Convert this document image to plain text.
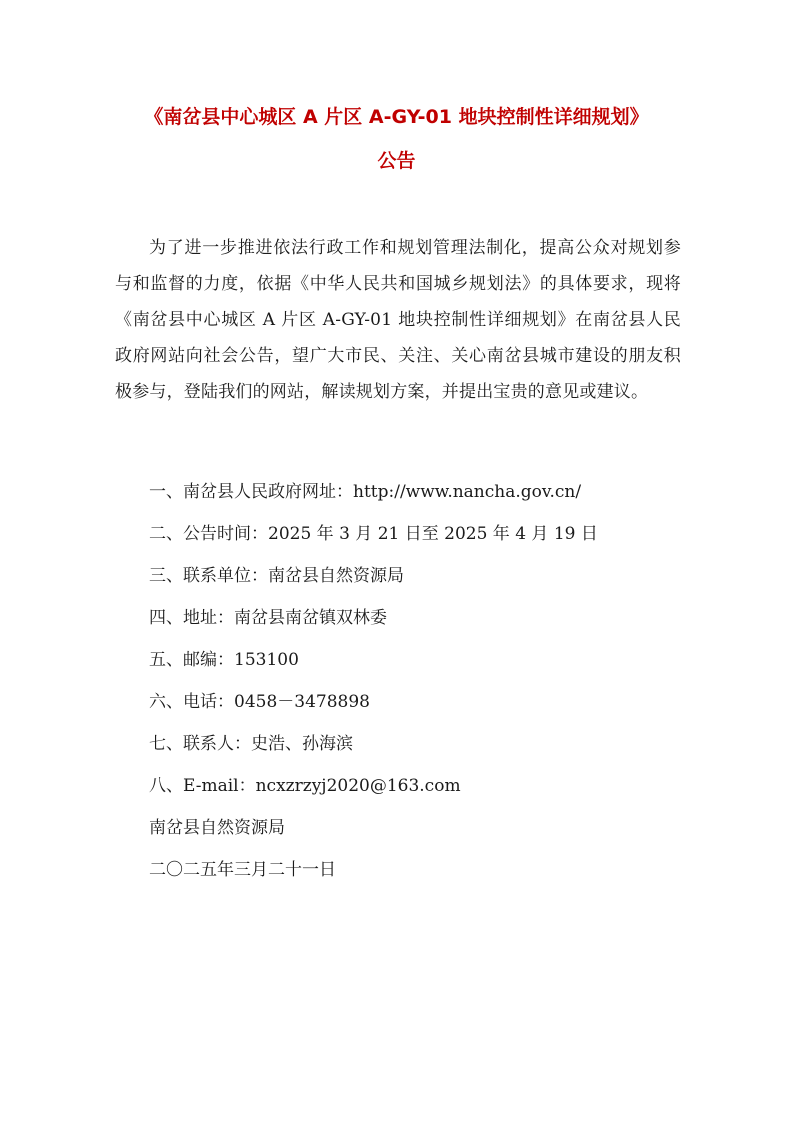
《南岔县中心城区 A 片区 A-GY-01 地块控制性详细规划》
公告
为了进一步推进依法行政工作和规划管理法制化，提高公众对规划参与和监督的力度，依据《中华人民共和国城乡规划法》的具体要求，现将《南岔县中心城区 A 片区 A-GY-01 地块控制性详细规划》在南岔县人民政府网站向社会公告，望广大市民、关注、关心南岔县城市建设的朋友积极参与，登陆我们的网站，解读规划方案，并提出宝贵的意见或建议。
一、南岔县人民政府网址：http://www.nancha.gov.cn/
二、公告时间：2025 年 3 月 21 日至 2025 年 4 月 19 日
三、联系单位：南岔县自然资源局
四、地址：南岔县南岔镇双林委
五、邮编：153100
六、电话：0458－3478898
七、联系人：史浩、孙海滨
八、E-mail：ncxzrzyj2020@163.com
南岔县自然资源局
二〇二五年三月二十一日
